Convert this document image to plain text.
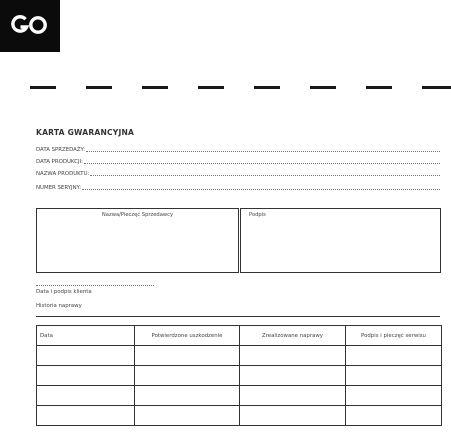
KARTA GWARANCYJNA
DATA SPRZEDAŻY:
DATA PRODUKCJI:
NAZWA PRODUKTU:
NUMER SERYJNY:
Nazwa/Pieczęć Sprzedawcy	Podpis
Data i podpis klienta
Historia naprawy
Data	Potwierdzone uszkodzenie	Zrealizowane naprawy	Podpis i pieczęć serwisu
